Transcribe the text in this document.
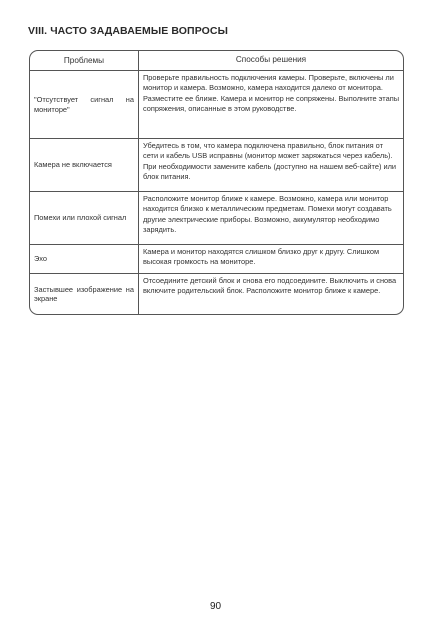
VIII. ЧАСТО ЗАДАВАЕМЫЕ ВОПРОСЫ
Проблемы	Способы решения
"Отсутствует сигнал на мониторе"
Проверьте правильность подключения камеры. Проверьте, включены ли монитор и камера. Возможно, камера находится далеко от монитора. Разместите ее ближе. Камера и монитор не сопряжены. Выполните этапы сопряжения, описанные в этом руководстве.
Камера не включается
Убедитесь в том, что камера подключена правильно, блок питания от сети и кабель USB исправны (монитор может заряжаться через кабель). При необходимости замените кабель (доступно на нашем веб-сайте) или блок питания.
Помехи или плохой сигнал
Расположите монитор ближе к камере. Возможно, камера или монитор находится близко к металлическим предметам. Помехи могут создавать другие электрические приборы. Возможно, аккумулятор необходимо зарядить.
Эхо
Камера и монитор находятся слишком близко друг к другу. Слишком высокая громкость на мониторе.
Застывшее изображение на экране
Отсоедините детский блок и снова его подсоедините. Выключить и снова включите родительский блок. Расположите монитор ближе к камере.
90
